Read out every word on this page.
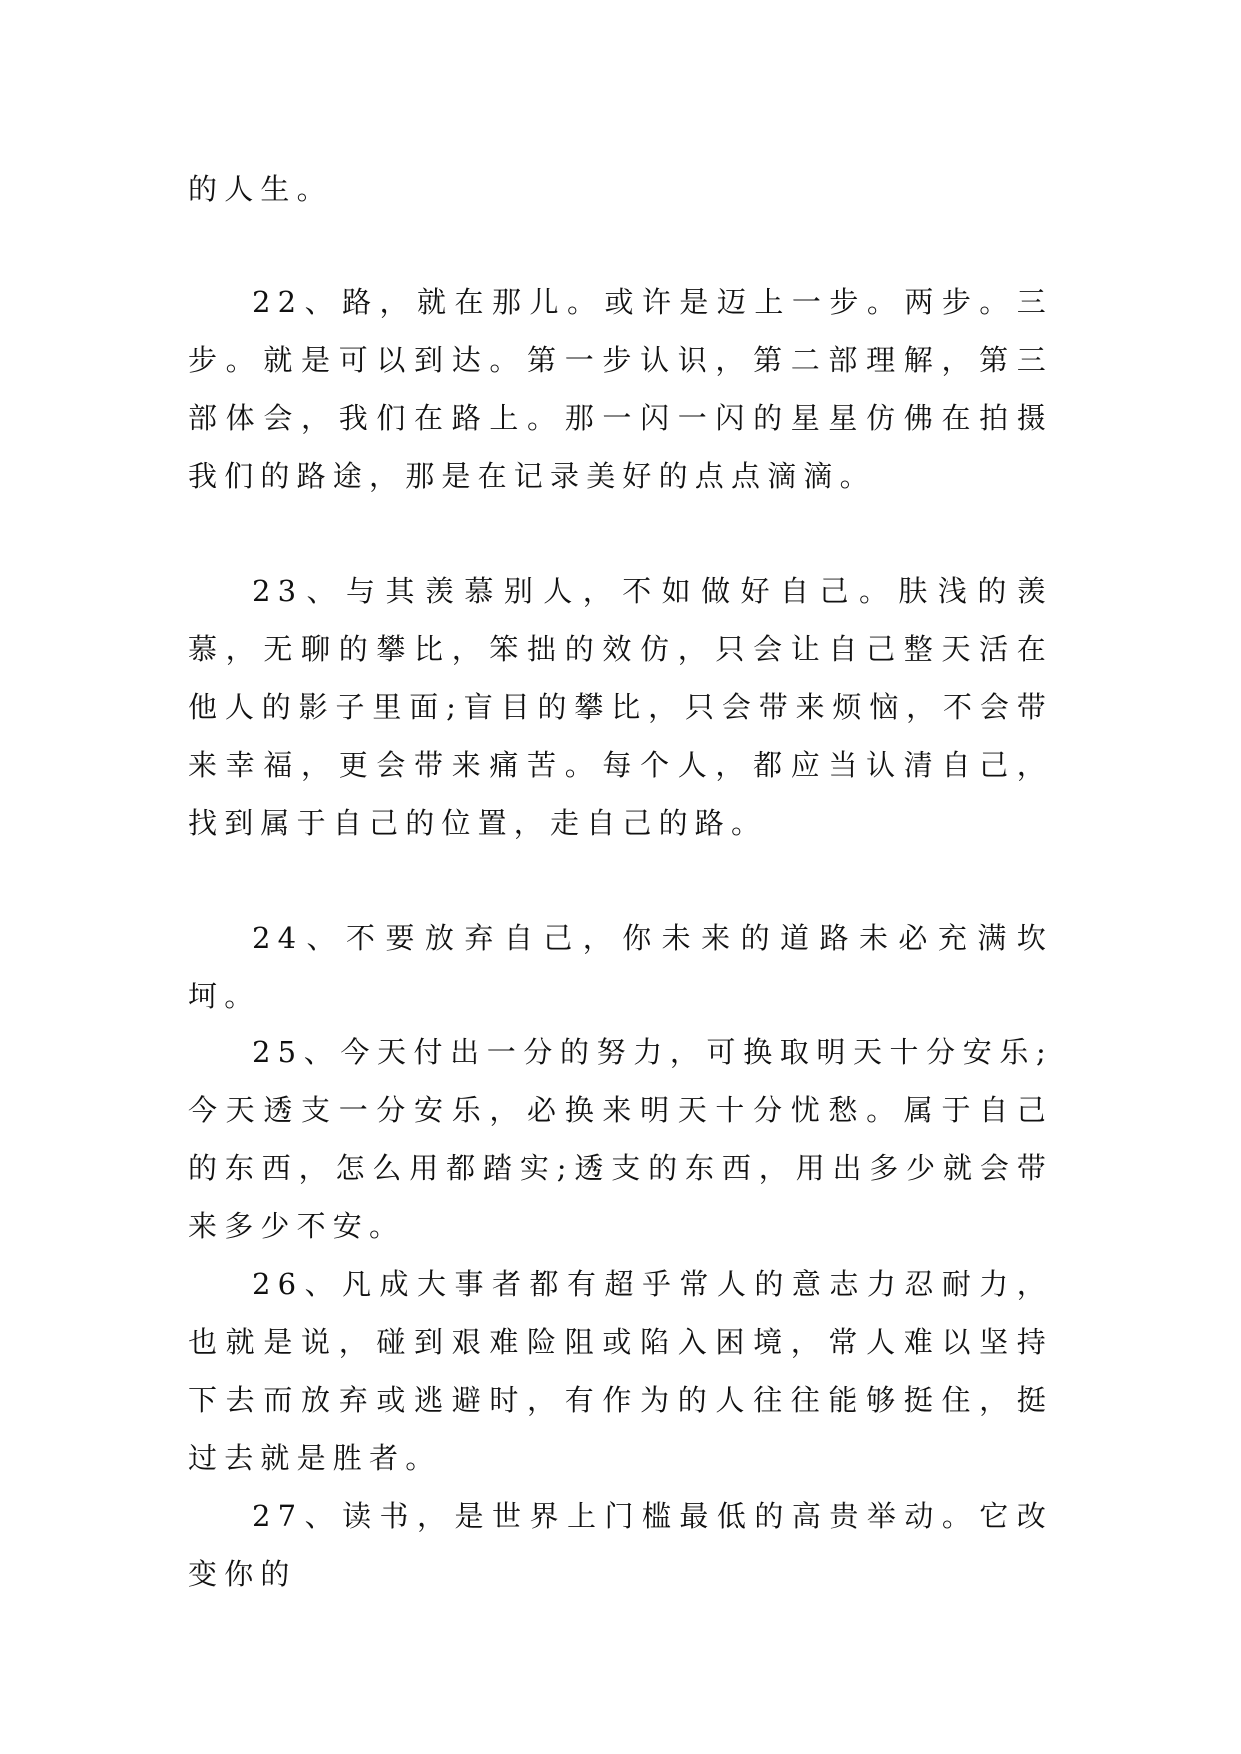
的人生。

22、路，就在那儿。或许是迈上一步。两步。三步。就是可以到达。第一步认识，第二部理解，第三部体会，我们在路上。那一闪一闪的星星仿佛在拍摄我们的路途，那是在记录美好的点点滴滴。

23、与其羡慕别人，不如做好自己。肤浅的羡慕，无聊的攀比，笨拙的效仿，只会让自己整天活在他人的影子里面;盲目的攀比，只会带来烦恼，不会带来幸福，更会带来痛苦。每个人，都应当认清自己，找到属于自己的位置，走自己的路。

24、不要放弃自己，你未来的道路未必充满坎坷。

25、今天付出一分的努力，可换取明天十分安乐;今天透支一分安乐，必换来明天十分忧愁。属于自己的东西，怎么用都踏实;透支的东西，用出多少就会带来多少不安。

26、凡成大事者都有超乎常人的意志力忍耐力，也就是说，碰到艰难险阻或陷入困境，常人难以坚持下去而放弃或逃避时，有作为的人往往能够挺住，挺过去就是胜者。

27、读书，是世界上门槛最低的高贵举动。它改变你的
